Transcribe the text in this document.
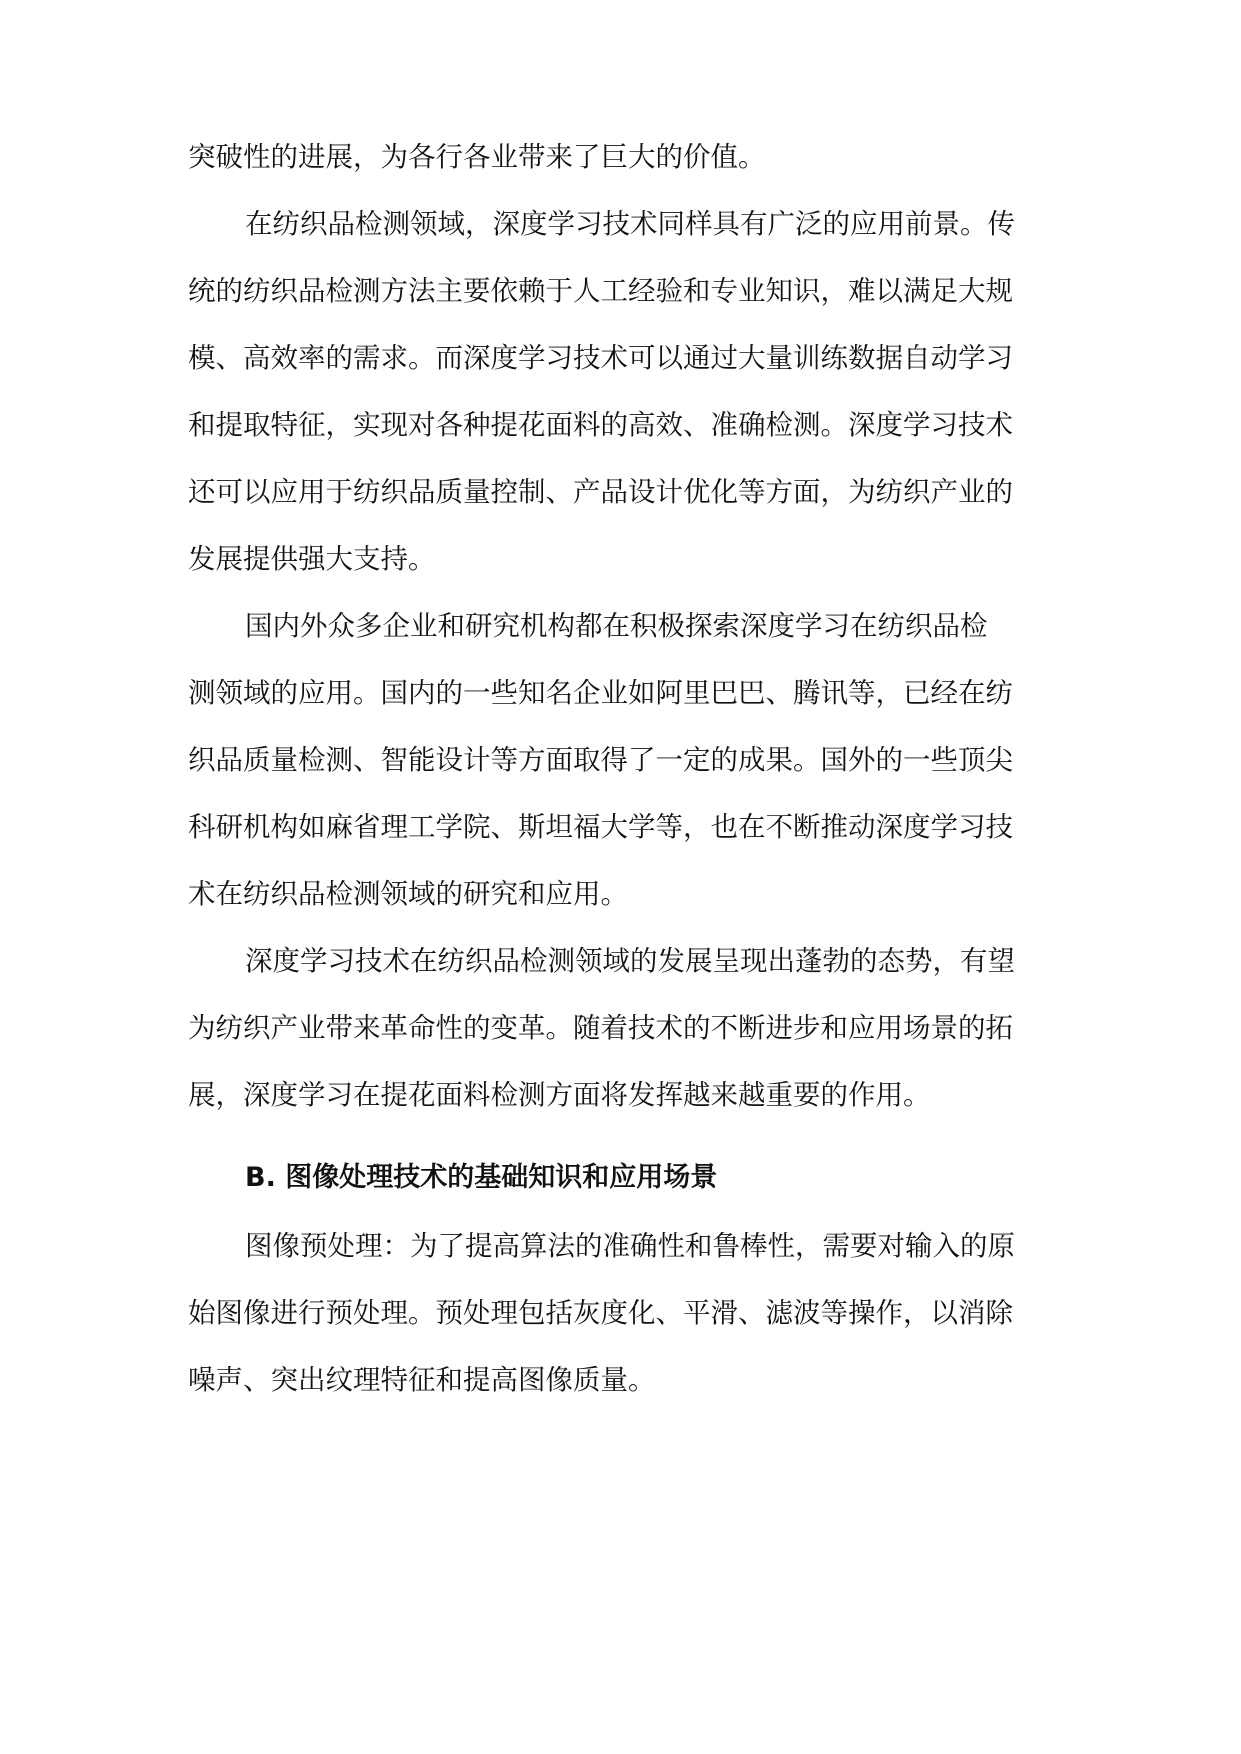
突破性的进展，为各行各业带来了巨大的价值。
在纺织品检测领域，深度学习技术同样具有广泛的应用前景。传
统的纺织品检测方法主要依赖于人工经验和专业知识，难以满足大规
模、高效率的需求。而深度学习技术可以通过大量训练数据自动学习
和提取特征，实现对各种提花面料的高效、准确检测。深度学习技术
还可以应用于纺织品质量控制、产品设计优化等方面，为纺织产业的
发展提供强大支持。
国内外众多企业和研究机构都在积极探索深度学习在纺织品检
测领域的应用。国内的一些知名企业如阿里巴巴、腾讯等，已经在纺
织品质量检测、智能设计等方面取得了一定的成果。国外的一些顶尖
科研机构如麻省理工学院、斯坦福大学等，也在不断推动深度学习技
术在纺织品检测领域的研究和应用。
深度学习技术在纺织品检测领域的发展呈现出蓬勃的态势，有望
为纺织产业带来革命性的变革。随着技术的不断进步和应用场景的拓
展，深度学习在提花面料检测方面将发挥越来越重要的作用。
B. 图像处理技术的基础知识和应用场景
图像预处理：为了提高算法的准确性和鲁棒性，需要对输入的原
始图像进行预处理。预处理包括灰度化、平滑、滤波等操作，以消除
噪声、突出纹理特征和提高图像质量。
